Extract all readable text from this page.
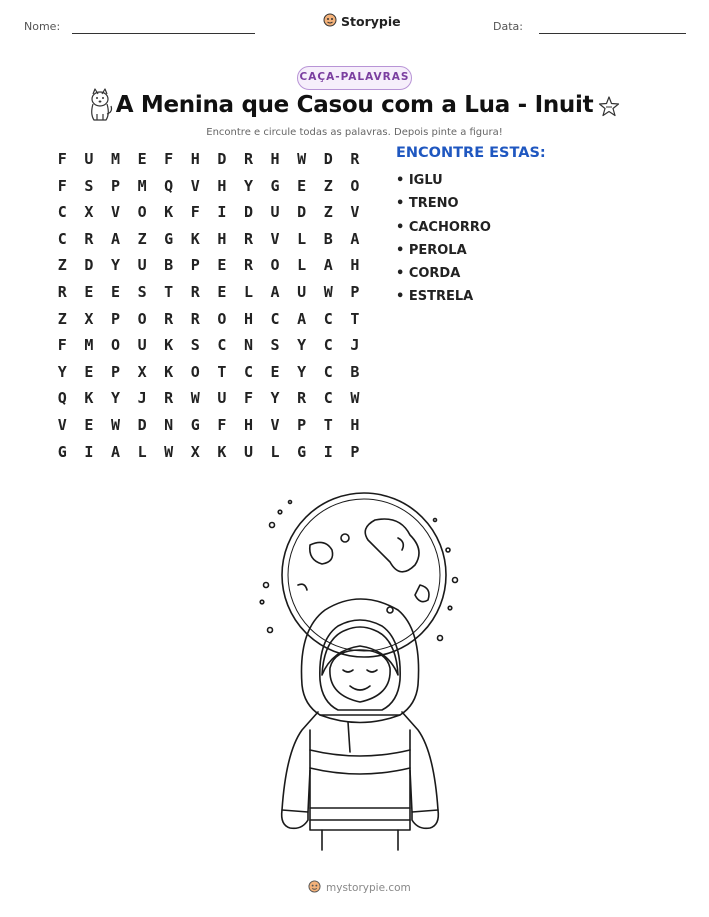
Nome:	Storypie	Data:
CAÇA-PALAVRAS
A Menina que Casou com a Lua - Inuit
Encontre e circule todas as palavras. Depois pinte a figura!
F	U	M	E	F	H	D	R	H	W	D	R
F	S	P	M	Q	V	H	Y	G	E	Z	O
C	X	V	O	K	F	I	D	U	D	Z	V
C	R	A	Z	G	K	H	R	V	L	B	A
Z	D	Y	U	B	P	E	R	O	L	A	H
R	E	E	S	T	R	E	L	A	U	W	P
Z	X	P	O	R	R	O	H	C	A	C	T
F	M	O	U	K	S	C	N	S	Y	C	J
Y	E	P	X	K	O	T	C	E	Y	C	B
Q	K	Y	J	R	W	U	F	Y	R	C	W
V	E	W	D	N	G	F	H	V	P	T	H
G	I	A	L	W	X	K	U	L	G	I	P
ENCONTRE ESTAS:
• IGLU
• TRENO
• CACHORRO
• PEROLA
• CORDA
• ESTRELA
mystorypie.com
